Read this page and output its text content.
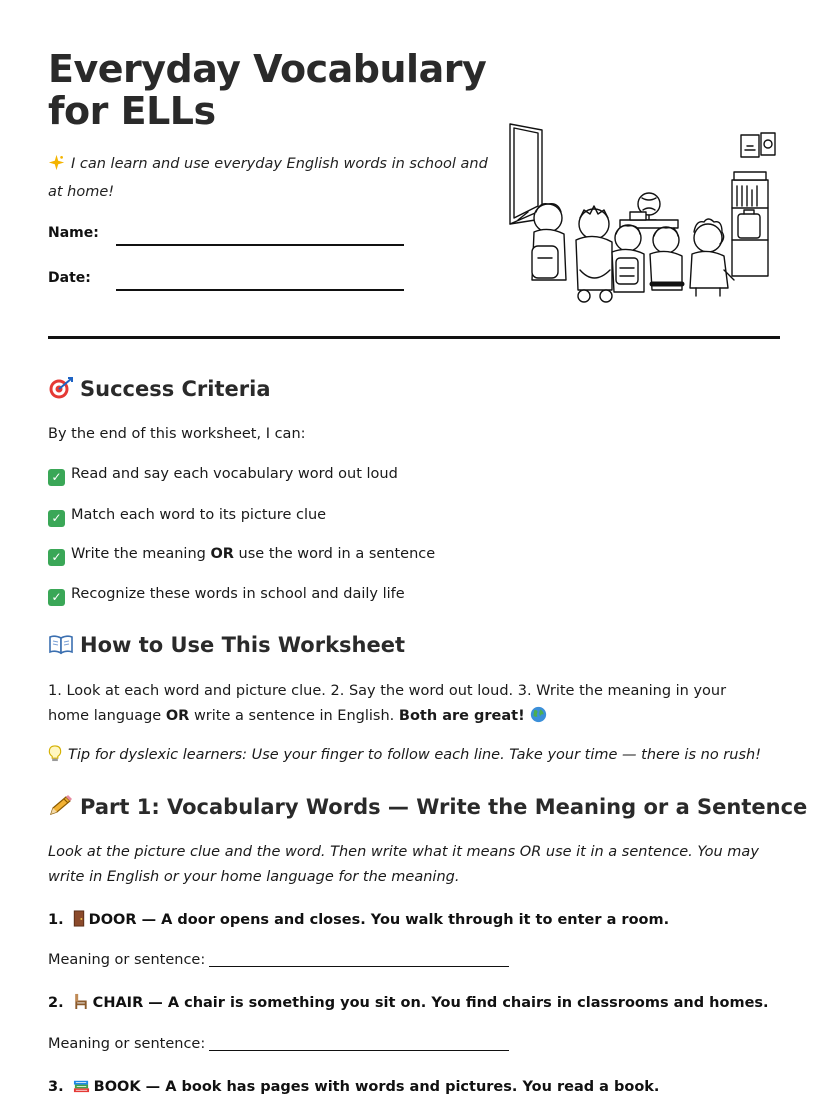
Everyday Vocabulary for ELLs

I can learn and use everyday English words in school and at home!

Name:
Date:
Success Criteria

By the end of this worksheet, I can:

✓ Read and say each vocabulary word out loud

✓ Match each word to its picture clue

✓ Write the meaning OR use the word in a sentence

✓ Recognize these words in school and daily life

How to Use This Worksheet

1. Look at each word and picture clue. 2. Say the word out loud. 3. Write the meaning in your home language OR write a sentence in English. Both are great!

Tip for dyslexic learners: Use your finger to follow each line. Take your time — there is no rush!

Part 1: Vocabulary Words — Write the Meaning or a Sentence

Look at the picture clue and the word. Then write what it means OR use it in a sentence. You may write in English or your home language for the meaning.

1. DOOR — A door opens and closes. You walk through it to enter a room.

Meaning or sentence:

2. CHAIR — A chair is something you sit on. You find chairs in classrooms and homes.

Meaning or sentence:

3. BOOK — A book has pages with words and pictures. You read a book.
